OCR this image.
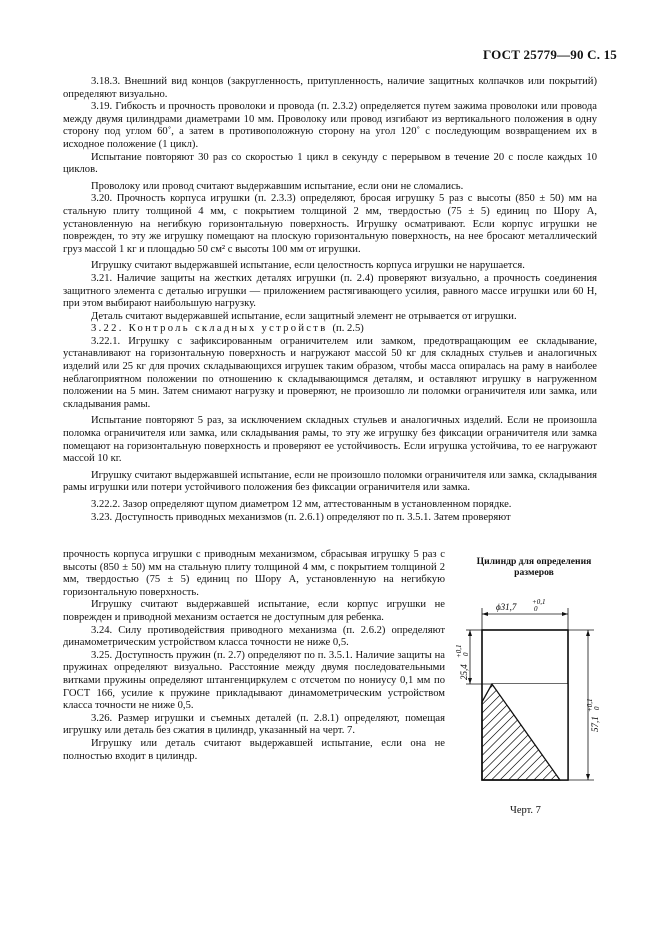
ГОСТ 25779—90 С. 15

3.18.3. Внешний вид концов (закругленность, притупленность, наличие защитных колпачков или покрытий) определяют визуально.

3.19. Гибкость и прочность проволоки и провода (п. 2.3.2) определяется путем зажима проволоки или провода между двумя цилиндрами диаметрами 10 мм. Проволоку или провод изгибают из вертикального положения в одну сторону под углом 60˚, а затем в противоположную сторону на угол 120˚ с последующим возвращением их в исходное положение (1 цикл).

Испытание повторяют 30 раз со скоростью 1 цикл в секунду с перерывом в течение 20 с после каждых 10 циклов.

Проволоку или провод считают выдержавшим испытание, если они не сломались.

3.20. Прочность корпуса игрушки (п. 2.3.3) определяют, бросая игрушку 5 раз с высоты (850 ± 50) мм на стальную плиту толщиной 4 мм, с покрытием толщиной 2 мм, твердостью (75 ± 5) единиц по Шору А, установленную на негибкую горизонтальную поверхность. Игрушку осматривают. Если корпус игрушки не поврежден, то эту же игрушку помещают на плоскую горизонтальную поверхность, на нее бросают металлический груз массой 1 кг и площадью 50 см² с высоты 100 мм от игрушки.

Игрушку считают выдержавшей испытание, если целостность корпуса игрушки не нарушается.

3.21. Наличие защиты на жестких деталях игрушки (п. 2.4) проверяют визуально, а прочность соединения защитного элемента с деталью игрушки — приложением растягивающего усилия, равного массе игрушки или 60 Н, при этом выбирают наибольшую нагрузку.

Деталь считают выдержавшей испытание, если защитный элемент не отрывается от игрушки.

3.22. Контроль складных устройств (п. 2.5)

3.22.1. Игрушку с зафиксированным ограничителем или замком, предотвращающим ее складывание, устанавливают на горизонтальную поверхность и нагружают массой 50 кг для складных стульев и аналогичных изделий или 25 кг для прочих складывающихся игрушек таким образом, чтобы масса опиралась на раму в наиболее неблагоприятном положении по отношению к складывающимся деталям, и оставляют игрушку в нагруженном положении на 5 мин. Затем снимают нагрузку и проверяют, не произошло ли поломки ограничителя или замка, или складывания рамы.

Испытание повторяют 5 раз, за исключением складных стульев и аналогичных изделий. Если не произошла поломка ограничителя или замка, или складывания рамы, то эту же игрушку без фиксации ограничителя или замка помещают на горизонтальную поверхность и проверяют ее устойчивость. Если игрушка устойчива, то ее нагружают массой 10 кг.

Игрушку считают выдержавшей испытание, если не произошло поломки ограничителя или замка, складывания рамы игрушки или потери устойчивого положения без фиксации ограничителя или замка.

3.22.2. Зазор определяют щупом диаметром 12 мм, аттестованным в установленном порядке.

3.23. Доступность приводных механизмов (п. 2.6.1) определяют по п. 3.5.1. Затем проверяют

прочность корпуса игрушки с приводным механизмом, сбрасывая игрушку 5 раз с высоты (850 ± 50) мм на стальную плиту толщиной 4 мм, с покрытием толщиной 2 мм, твердостью (75 ± 5) единиц по Шору А, установленную на негибкую горизонтальную поверхность.

Игрушку считают выдержавшей испытание, если корпус игрушки не поврежден и приводной механизм остается не доступным для ребенка.

3.24. Силу противодействия приводного механизма (п. 2.6.2) определяют динамометрическим устройством класса точности не ниже 0,5.

3.25. Доступность пружин (п. 2.7) определяют по п. 3.5.1. Наличие защиты на пружинах определяют визуально. Расстояние между двумя последовательными витками пружины определяют штангенциркулем с отсчетом по нониусу 0,1 мм по ГОСТ 166, усилие к пружине прикладывают динамометрическим устройством класса точности не ниже 0,5.

3.26. Размер игрушки и съемных деталей (п. 2.8.1) определяют, помещая игрушку или деталь без сжатия в цилиндр, указанный на черт. 7.

Игрушку или деталь считают выдержавшей испытание, если она не полностью входит в цилиндр.

Цилиндр для определения размеров
ϕ31,7 +0,1
0
25,4
+0,1 0
57,1
+0,1 0
Черт. 7
